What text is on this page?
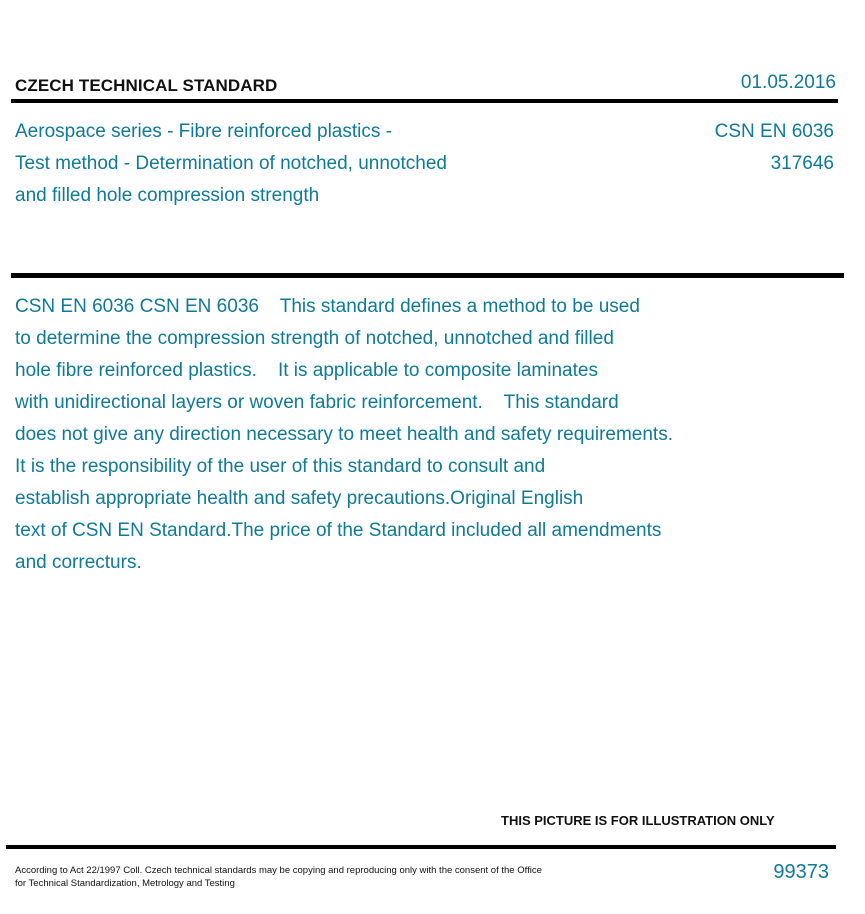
CZECH TECHNICAL STANDARD	01.05.2016
Aerospace series - Fibre reinforced plastics -
Test method - Determination of notched, unnotched
and filled hole compression strength
CSN EN 6036
317646
CSN EN 6036 CSN EN 6036    This standard defines a method to be used
to determine the compression strength of notched, unnotched and filled
hole fibre reinforced plastics.    It is applicable to composite laminates
with unidirectional layers or woven fabric reinforcement.    This standard
does not give any direction necessary to meet health and safety requirements.
It is the responsibility of the user of this standard to consult and
establish appropriate health and safety precautions.Original English
text of CSN EN Standard.The price of the Standard included all amendments
and correcturs.
THIS PICTURE IS FOR ILLUSTRATION ONLY
According to Act 22/1997 Coll. Czech technical standards may be copying and reproducing only with the consent of the Office
for Technical Standardization, Metrology and Testing
99373
